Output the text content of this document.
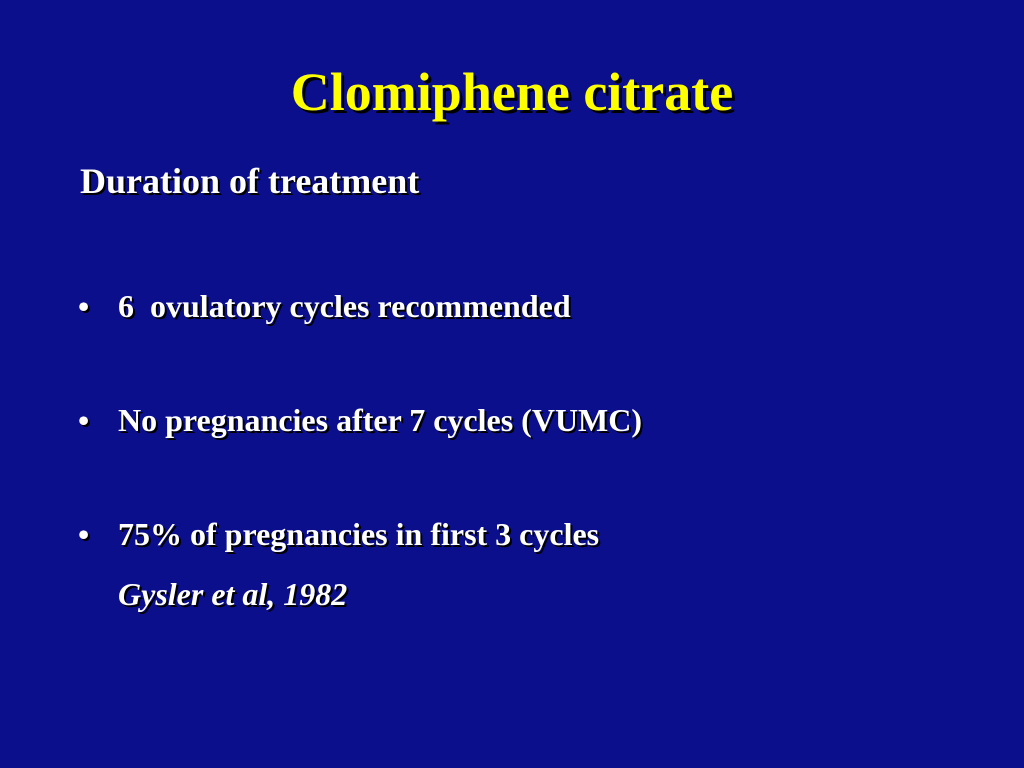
Clomiphene citrate
Duration of treatment

•

6  ovulatory cycles recommended

•

No pregnancies after 7 cycles (VUMC)

•

75% of pregnancies in first 3 cycles

Gysler et al, 1982
